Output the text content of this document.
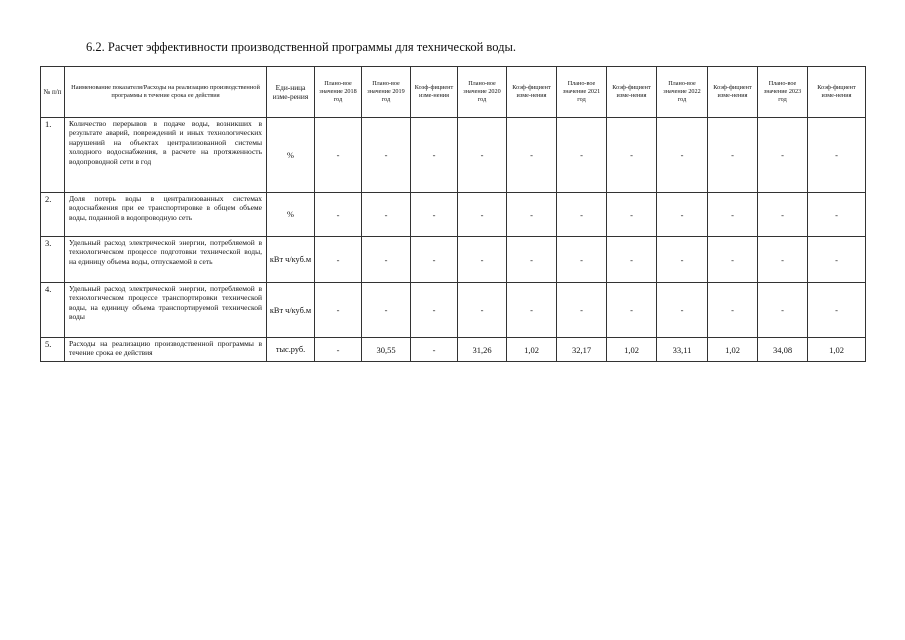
6.2. Расчет эффективности производственной программы для технической воды.
№ п/п	Наименование показателя/Расходы на реализацию производственной программы в течение срока ее действия	Еди-ница изме-рения	Плано-вое значение 2018 год	Плано-вое значение 2019 год	Коэф-фициент изме-нения	Плано-вое значение 2020 год	Коэф-фициент изме-нения	Плано-вое значение 2021 год	Коэф-фициент изме-нения	Плано-вое значение 2022 год	Коэф-фициент изме-нения	Плано-вое значение 2023 год	Коэф-фициент изме-нения
1.	Количество перерывов в подаче воды, возникших в результате аварий, повреждений и иных технологических нарушений на объектах централизованной системы холодного водоснабжения, в расчете на протяженность водопроводной сети в год	%	-	-	-	-	-	-	-	-	-	-	-
2.	Доля потерь воды в централизованных системах водоснабжения при ее транспортировке в общем объеме воды, поданной в водопроводную сеть	%	-	-	-	-	-	-	-	-	-	-	-
3.	Удельный расход электрической энергии, потребляемой в технологическом процессе подготовки технической воды, на единицу объема воды, отпускаемой в сеть	кВт ч/куб.м	-	-	-	-	-	-	-	-	-	-	-
4.	Удельный расход электрической энергии, потребляемой в технологическом процессе транспортировки технической воды, на единицу объема транспортируемой технической воды	кВт ч/куб.м	-	-	-	-	-	-	-	-	-	-	-
5.	Расходы на реализацию производственной программы в течение срока ее действия	тыс.руб.	-	30,55	-	31,26	1,02	32,17	1,02	33,11	1,02	34,08	1,02
